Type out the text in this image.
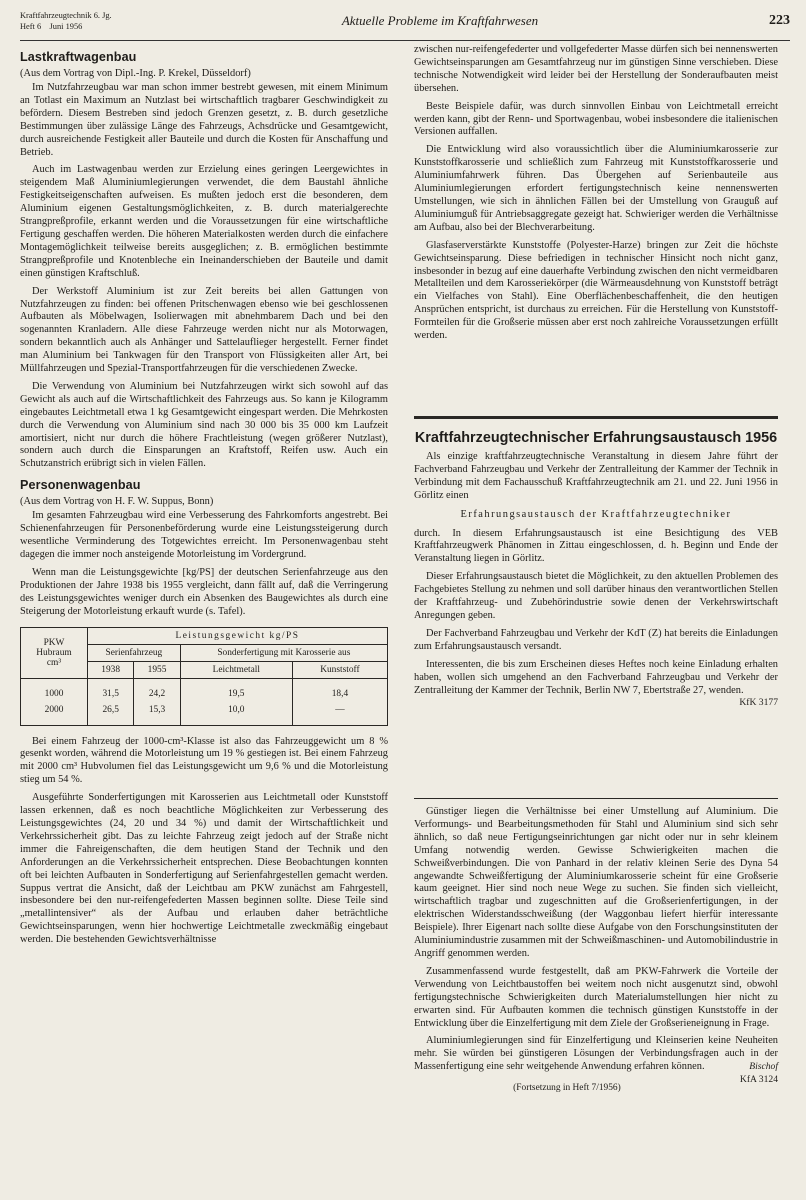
Kraftfahrzeugtechnik 6. Jg.
Heft 6 Juni 1956	Aktuelle Probleme im Kraftfahrwesen	223
Lastkraftwagenbau
(Aus dem Vortrag von Dipl.-Ing. P. Krekel, Düsseldorf)

Im Nutzfahrzeugbau war man schon immer bestrebt gewesen, mit einem Minimum an Totlast ein Maximum an Nutzlast bei wirtschaftlich tragbarer Geschwindigkeit zu befördern. Diesem Bestreben sind jedoch Grenzen gesetzt, z. B. durch gesetzliche Bestimmungen über zulässige Länge des Fahrzeugs, Achsdrücke und Gesamtgewicht, durch ausreichende Festigkeit aller Bauteile und durch die Kosten für Anschaffung und Betrieb.

Auch im Lastwagenbau werden zur Erzielung eines geringen Leergewichtes in steigendem Maß Aluminiumlegierungen verwendet, die dem Baustahl ähnliche Festigkeitseigenschaften aufweisen. Es mußten jedoch erst die besonderen, dem Aluminium eigenen Gestaltungsmöglichkeiten, z. B. durch materialgerechte Strangpreßprofile, erkannt werden und die Voraussetzungen für eine wirtschaftliche Fertigung geschaffen werden. Die höheren Materialkosten werden durch die einfachere Montagemöglichkeit teilweise bereits ausgeglichen; z. B. ermöglichen bestimmte Strangpreßprofile und Knotenbleche ein Ineinanderschieben der Bauteile und damit einen günstigen Kraftschluß.

Der Werkstoff Aluminium ist zur Zeit bereits bei allen Gattungen von Nutzfahrzeugen zu finden: bei offenen Pritschenwagen ebenso wie bei geschlossenen Aufbauten als Möbelwagen, Isolierwagen mit abnehmbarem Dach und bei den sogenannten Kranladern. Alle diese Fahrzeuge werden nicht nur als Motorwagen, sondern bekanntlich auch als Anhänger und Sattelauflieger hergestellt. Ferner findet man Aluminium bei Tankwagen für den Transport von Flüssigkeiten aller Art, bei Müllfahrzeugen und Spezial-Transportfahrzeugen für die verschiedenen Zwecke.

Die Verwendung von Aluminium bei Nutzfahrzeugen wirkt sich sowohl auf das Gewicht als auch auf die Wirtschaftlichkeit des Fahrzeugs aus. So kann je Kilogramm eingebautes Leichtmetall etwa 1 kg Gesamtgewicht eingespart werden. Die Mehrkosten durch die Verwendung von Aluminium sind nach 30 000 bis 35 000 km Laufzeit amortisiert, nicht nur durch die höhere Frachtleistung (wegen größerer Nutzlast), sondern auch durch die Einsparungen an Kraftstoff, Reifen usw. Auch ein Schutzanstrich erübrigt sich in vielen Fällen.

Personenwagenbau
(Aus dem Vortrag von H. F. W. Suppus, Bonn)

Im gesamten Fahrzeugbau wird eine Verbesserung des Fahrkomforts angestrebt. Bei Schienenfahrzeugen für Personenbeförderung wurde eine Leistungssteigerung durch wesentliche Verminderung des Totgewichtes erreicht. Im Personenwagenbau steht dagegen die immer noch ansteigende Motorleistung im Vordergrund.

Wenn man die Leistungsgewichte [kg/PS] der deutschen Serienfahrzeuge aus den Produktionen der Jahre 1938 bis 1955 vergleicht, dann fällt auf, daß die Verringerung des Leistungsgewichtes weniger durch ein Absenken des Baugewichtes als durch eine Steigerung der Motorleistung erkauft wurde (s. Tafel).

PKW
Hubraum
cm³	Leistungsgewicht kg/PS			
	Serienfahrzeug		Sonderfertigung mit Karosserie aus	
	1938	1955	Leichtmetall	Kunststoff
1000	31,5	24,2	19,5	18,4
2000	26,5	15,3	10,0	—

Bei einem Fahrzeug der 1000-cm³-Klasse ist also das Fahrzeuggewicht um 8 % gesenkt worden, während die Motorleistung um 19 % gestiegen ist. Bei einem Fahrzeug mit 2000 cm³ Hubvolumen fiel das Leistungsgewicht um 9,6 % und die Motorleistung stieg um 54 %.

Ausgeführte Sonderfertigungen mit Karosserien aus Leichtmetall oder Kunststoff lassen erkennen, daß es noch beachtliche Möglichkeiten zur Verbesserung des Leistungsgewichtes (24, 20 und 34 %) und damit der Wirtschaftlichkeit und Verkehrssicherheit gibt. Das zu leichte Fahrzeug zeigt jedoch auf der Straße nicht immer die Fahreigenschaften, die dem heutigen Stand der Technik und den Anforderungen an die Verkehrssicherheit entsprechen. Diese Beobachtungen konnten oft bei leichten Aufbauten in Sonderfertigung auf Serienfahrgestellen gemacht werden. Suppus vertrat die Ansicht, daß der Leichtbau am PKW zunächst am Fahrgestell, insbesondere bei den nur-reifengefederten Massen beginnen sollte. Diese Teile sind „metallintensiver“ als der Aufbau und erlauben daher beträchtliche Gewichtseinsparungen, wenn hier hochwertige Leichtmetalle zweckmäßig eingebaut werden. Die bestehenden Gewichtsverhältnisse

zwischen nur-reifengefederter und vollgefederter Masse dürfen sich bei nennenswerten Gewichtseinsparungen am Gesamtfahrzeug nur im günstigen Sinne verschieben. Diese technische Notwendigkeit wird leider bei der Herstellung der Sonderaufbauten meist übersehen.

Beste Beispiele dafür, was durch sinnvollen Einbau von Leichtmetall erreicht werden kann, gibt der Renn- und Sportwagenbau, wobei insbesondere die italienischen Versionen auffallen.

Die Entwicklung wird also voraussichtlich über die Aluminiumkarosserie zur Kunststoffkarosserie und schließlich zum Fahrzeug mit Kunststoffkarosserie und Aluminiumfahrwerk führen. Das Übergehen auf Serienbauteile aus Aluminiumlegierungen erfordert fertigungstechnisch keine nennenswerten Umstellungen, wie sich in ähnlichen Fällen bei der Umstellung von Grauguß auf Aluminiumguß für Antriebsaggregate gezeigt hat. Schwieriger werden die Verhältnisse am Aufbau, also bei der Blechverarbeitung.

Glasfaserverstärkte Kunststoffe (Polyester-Harze) bringen zur Zeit die höchste Gewichtseinsparung. Diese befriedigen in technischer Hinsicht noch nicht ganz, insbesonder in bezug auf eine dauerhafte Verbindung zwischen den nicht vermeidbaren Metallteilen und dem Karosseriekörper (die Wärmeausdehnung von Kunststoff beträgt ein Vielfaches von Stahl). Eine Oberflächenbeschaffenheit, die den heutigen Ansprüchen entspricht, ist durchaus zu erreichen. Für die Herstellung von Kunststoff-Formteilen für die Großserie müssen aber erst noch zahlreiche Voraussetzungen erfüllt werden.

Kraftfahrzeugtechnischer Erfahrungsaustausch 1956

Als einzige kraftfahrzeugtechnische Veranstaltung in diesem Jahre führt der Fachverband Fahrzeugbau und Verkehr der Zentralleitung der Kammer der Technik in Verbindung mit dem Fachausschuß Kraftfahrzeugtechnik am 21. und 22. Juni 1956 in Görlitz einen

Erfahrungsaustausch der Kraftfahrzeugtechniker

durch. In diesem Erfahrungsaustausch ist eine Besichtigung des VEB Kraftfahrzeugwerk Phänomen in Zittau eingeschlossen, d. h. Beginn und Ende der Veranstaltung liegen in Görlitz.

Dieser Erfahrungsaustausch bietet die Möglichkeit, zu den aktuellen Problemen des Fachgebietes Stellung zu nehmen und soll darüber hinaus den verantwortlichen Stellen der Kraftfahrzeug- und Zubehörindustrie sowie denen der Verkehrswirtschaft Anregungen geben.

Der Fachverband Fahrzeugbau und Verkehr der KdT (Z) hat bereits die Einladungen zum Erfahrungsaustausch versandt.

Interessenten, die bis zum Erscheinen dieses Heftes noch keine Einladung erhalten haben, wollen sich umgehend an den Fachverband Fahrzeugbau und Verkehr der Zentralleitung der Kammer der Technik, Berlin NW 7, Ebertstraße 27, wenden.
KfK 3177

Günstiger liegen die Verhältnisse bei einer Umstellung auf Aluminium. Die Verformungs- und Bearbeitungsmethoden für Stahl und Aluminium sind sich sehr ähnlich, so daß neue Fertigungseinrichtungen gar nicht oder nur in sehr kleinem Umfang notwendig werden. Gewisse Schwierigkeiten machen die Schweißverbindungen. Die von Panhard in der relativ kleinen Serie des Dyna 54 angewandte Schweißfertigung der Aluminiumkarosserie scheint für eine Großserie kaum geeignet. Hier sind noch neue Wege zu suchen. Sie finden sich vielleicht, wirtschaftlich tragbar und zugeschnitten auf die Großserienfertigungen, in der elektrischen Widerstandsschweißung (der Waggonbau liefert hierfür interessante Beispiele). Ihrer Eigenart nach sollte diese Aufgabe von den Forschungsinstituten der Aluminiumindustrie zusammen mit der Schweißmaschinen- und Automobilindustrie in Angriff genommen werden.

Zusammenfassend wurde festgestellt, daß am PKW-Fahrwerk die Vorteile der Verwendung von Leichtbaustoffen bei weitem noch nicht ausgenutzt sind, obwohl fertigungstechnische Schwierigkeiten durch Materialumstellungen hier nicht zu erwarten sind. Für Aufbauten kommen die technisch günstigen Kunststoffe in der Entwicklung über die Einzelfertigung mit dem Ziele der Großserieneignung in Frage.

Aluminiumlegierungen sind für Einzelfertigung und Kleinserien keine Neuheiten mehr. Sie würden bei günstigeren Lösungen der Verbindungsfragen auch in der Massenfertigung eine sehr weitgehende Anwendung erfahren können.	Bischof
KfA 3124

(Fortsetzung in Heft 7/1956)
